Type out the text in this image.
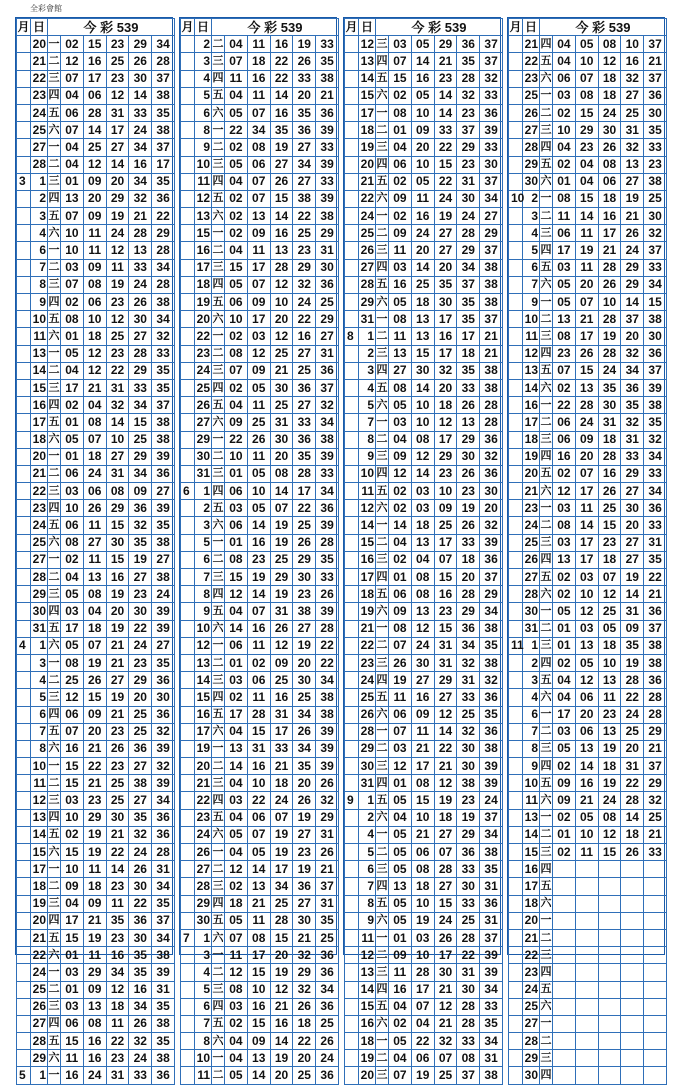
全彩會館
月	日	今 彩 539					
	20	一	02	15	23	29	34
	21	二	12	16	25	26	28
	22	三	07	17	23	30	37
	23	四	04	06	12	14	38
	24	五	06	28	31	33	35
	25	六	07	14	17	24	38
	27	一	04	25	27	34	37
	28	二	04	12	14	16	17
3	1	三	01	09	20	34	35
	2	四	13	20	29	32	36
	3	五	07	09	19	21	22
	4	六	10	11	24	28	29
	6	一	10	11	12	13	28
	7	二	03	09	11	33	34
	8	三	07	08	19	24	28
	9	四	02	06	23	26	38
	10	五	08	10	12	30	34
	11	六	01	18	25	27	32
	13	一	05	12	23	28	33
	14	二	04	12	22	29	35
	15	三	17	21	31	33	35
	16	四	02	04	32	34	37
	17	五	01	08	14	15	38
	18	六	05	07	10	25	38
	20	一	01	18	27	29	39
	21	二	06	24	31	34	36
	22	三	03	06	08	09	27
	23	四	10	26	29	36	39
	24	五	06	11	15	32	35
	25	六	08	27	30	35	38
	27	一	02	11	15	19	27
	28	二	04	13	16	27	38
	29	三	05	08	19	23	24
	30	四	03	04	20	30	39
	31	五	17	18	19	22	39
4	1	六	05	07	21	24	27
	3	一	08	19	21	23	35
	4	二	25	26	27	29	36
	5	三	12	15	19	20	30
	6	四	06	09	21	25	36
	7	五	07	20	23	25	32
	8	六	16	21	26	36	39
	10	一	15	22	23	27	32
	11	二	15	21	25	38	39
	12	三	03	23	25	27	34
	13	四	10	29	30	35	36
	14	五	02	19	21	32	36
	15	六	15	19	22	24	28
	17	一	10	11	14	26	31
	18	二	09	18	23	30	34
	19	三	04	09	11	22	35
	20	四	17	21	35	36	37
	21	五	15	19	23	30	34
	22	六	01	11	16	35	38
	24	一	03	29	34	35	39
	25	二	01	09	12	16	31
	26	三	03	13	18	34	35
	27	四	06	08	11	26	38
	28	五	15	16	22	32	35
	29	六	11	16	23	24	38
5	1	一	16	24	31	33	36
月	日	今 彩 539					
	2	二	04	11	16	19	33
	3	三	07	18	22	26	35
	4	四	11	16	22	33	38
	5	五	04	11	14	20	21
	6	六	05	07	16	35	36
	8	一	22	34	35	36	39
	9	二	02	08	19	27	33
	10	三	05	06	27	34	39
	11	四	04	07	26	27	33
	12	五	02	07	15	38	39
	13	六	02	13	14	22	38
	15	一	02	09	16	25	29
	16	二	04	11	13	23	31
	17	三	15	17	28	29	30
	18	四	05	07	12	32	36
	19	五	06	09	10	24	25
	20	六	10	17	20	22	29
	22	一	02	03	12	16	27
	23	二	08	12	25	27	31
	24	三	07	09	21	25	36
	25	四	02	05	30	36	37
	26	五	04	11	25	27	32
	27	六	09	25	31	33	34
	29	一	22	26	30	36	38
	30	二	10	11	20	35	39
	31	三	01	05	08	28	33
6	1	四	06	10	14	17	34
	2	五	03	05	07	22	36
	3	六	06	14	19	25	39
	5	一	01	16	19	26	28
	6	二	08	23	25	29	35
	7	三	15	19	29	30	33
	8	四	12	14	19	23	26
	9	五	04	07	31	38	39
	10	六	14	16	26	27	28
	12	一	06	11	12	19	22
	13	二	01	02	09	20	22
	14	三	03	06	25	30	34
	15	四	02	11	16	25	38
	16	五	17	28	31	34	38
	17	六	04	15	17	26	39
	19	一	13	31	33	34	39
	20	二	14	16	21	35	39
	21	三	04	10	18	20	26
	22	四	03	22	24	26	32
	23	五	04	06	07	19	29
	24	六	05	07	19	27	31
	26	一	04	05	19	23	26
	27	二	12	14	17	19	21
	28	三	02	13	34	36	37
	29	四	18	21	25	27	31
	30	五	05	11	28	30	35
7	1	六	07	08	15	21	25
	3	一	11	17	20	32	36
	4	二	12	15	19	29	36
	5	三	08	10	12	32	34
	6	四	03	16	21	26	36
	7	五	02	15	16	18	25
	8	六	04	09	14	22	26
	10	一	04	13	19	20	24
	11	二	05	14	20	25	36
月	日	今 彩 539					
	12	三	03	05	29	36	37
	13	四	07	14	21	35	37
	14	五	15	16	23	28	32
	15	六	02	05	14	32	33
	17	一	08	10	14	23	36
	18	二	01	09	33	37	39
	19	三	04	20	22	29	33
	20	四	06	10	15	23	30
	21	五	02	05	22	31	37
	22	六	09	11	24	30	34
	24	一	02	16	19	24	27
	25	二	09	24	27	28	29
	26	三	11	20	27	29	37
	27	四	03	14	20	34	38
	28	五	16	25	35	37	38
	29	六	05	18	30	35	38
	31	一	08	13	17	35	37
8	1	二	11	13	16	17	21
	2	三	13	15	17	18	21
	3	四	27	30	32	35	38
	4	五	08	14	20	33	38
	5	六	05	10	18	26	28
	7	一	03	10	12	13	28
	8	二	04	08	17	29	36
	9	三	09	12	29	30	32
	10	四	12	14	23	26	36
	11	五	02	03	10	23	30
	12	六	02	03	09	19	20
	14	一	14	18	25	26	32
	15	二	04	13	17	33	39
	16	三	02	04	07	18	36
	17	四	01	08	15	20	37
	18	五	06	08	16	28	29
	19	六	09	13	23	29	34
	21	一	08	12	15	36	38
	22	二	07	24	31	34	35
	23	三	26	30	31	32	38
	24	四	19	27	29	31	32
	25	五	11	16	27	33	36
	26	六	06	09	12	25	35
	28	一	07	11	14	32	36
	29	二	03	21	22	30	38
	30	三	12	17	21	30	39
	31	四	01	08	12	38	39
9	1	五	05	15	19	23	24
	2	六	04	10	18	19	37
	4	一	05	21	27	29	34
	5	二	05	06	07	36	38
	6	三	05	08	28	33	35
	7	四	13	18	27	30	31
	8	五	05	10	15	33	36
	9	六	05	19	24	25	31
	11	一	01	03	26	28	37
	12	二	09	10	17	22	39
	13	三	11	28	30	31	39
	14	四	16	17	21	30	34
	15	五	04	07	12	28	33
	16	六	02	04	21	28	35
	18	一	05	22	32	33	34
	19	二	04	06	07	08	31
	20	三	07	19	25	37	38
月	日	今 彩 539					
	21	四	04	05	08	10	37
	22	五	04	10	12	16	21
	23	六	06	07	18	32	37
	25	一	03	08	18	27	36
	26	二	02	15	24	25	30
	27	三	10	29	30	31	35
	28	四	04	23	26	32	33
	29	五	02	04	08	13	23
	30	六	01	04	06	27	38
10	2	一	08	15	18	19	25
	3	二	11	14	16	21	30
	4	三	06	11	17	26	32
	5	四	17	19	21	24	37
	6	五	03	11	28	29	33
	7	六	05	20	26	29	34
	9	一	05	07	10	14	15
	10	二	13	21	28	37	38
	11	三	08	17	19	20	30
	12	四	23	26	28	32	36
	13	五	07	15	24	34	37
	14	六	02	13	35	36	39
	16	一	22	28	30	35	38
	17	二	06	24	31	32	35
	18	三	06	09	18	31	32
	19	四	16	20	28	33	34
	20	五	02	07	16	29	33
	21	六	12	17	26	27	34
	23	一	03	11	25	30	36
	24	二	08	14	15	20	33
	25	三	03	17	23	27	31
	26	四	13	17	18	27	35
	27	五	02	03	07	19	22
	28	六	02	10	12	14	21
	30	一	05	12	25	31	36
	31	二	01	03	05	09	37
11	1	三	01	13	18	35	38
	2	四	02	05	10	19	38
	3	五	04	12	13	28	36
	4	六	04	06	11	22	28
	6	一	17	20	23	24	28
	7	二	03	06	13	25	29
	8	三	05	13	19	20	21
	9	四	02	14	18	31	37
	10	五	09	16	19	22	29
	11	六	09	21	24	28	32
	13	一	02	05	08	14	25
	14	二	01	10	12	18	21
	15	三	02	11	15	26	33
	16	四					
	17	五					
	18	六					
	20	一					
	21	二					
	22	三					
	23	四					
	24	五					
	25	六					
	27	一					
	28	二					
	29	三					
	30	四					
